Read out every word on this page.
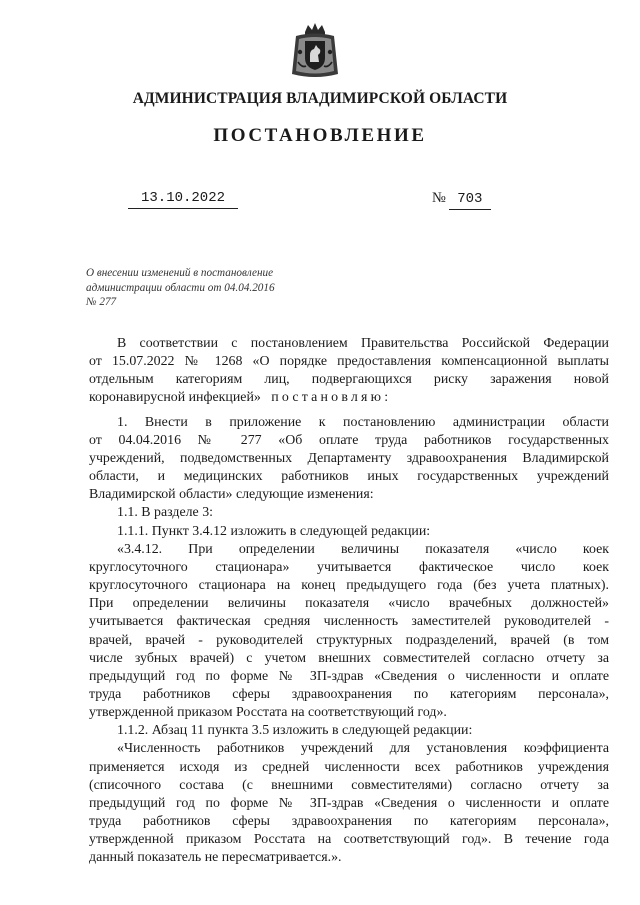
АДМИНИСТРАЦИЯ ВЛАДИМИРСКОЙ ОБЛАСТИ
ПОСТАНОВЛЕНИЕ
13.10.2022	№ 703
О внесении изменений в постановление
администрации области от 04.04.2016
№ 277

В соответствии с постановлением Правительства Российской Федерации

от 15.07.2022 № 1268 «О порядке предоставления компенсационной выплаты

отдельным категориям лиц, подвергающихся риску заражения новой

коронавирусной инфекцией» постановляю:

1. Внести в приложение к постановлению администрации области

от 04.04.2016 № 277 «Об оплате труда работников государственных

учреждений, подведомственных Департаменту здравоохранения Владимирской

области, и медицинских работников иных государственных учреждений

Владимирской области» следующие изменения:

1.1. В разделе 3:

1.1.1. Пункт 3.4.12 изложить в следующей редакции:

«3.4.12. При определении величины показателя «число коек

круглосуточного стационара» учитывается фактическое число коек

круглосуточного стационара на конец предыдущего года (без учета платных).

При определении величины показателя «число врачебных должностей»

учитывается фактическая средняя численность заместителей руководителей -

врачей, врачей - руководителей структурных подразделений, врачей (в том

числе зубных врачей) с учетом внешних совместителей согласно отчету за

предыдущий год по форме № ЗП-здрав «Сведения о численности и оплате

труда работников сферы здравоохранения по категориям персонала»,

утвержденной приказом Росстата на соответствующий год».

1.1.2. Абзац 11 пункта 3.5 изложить в следующей редакции:

«Численность работников учреждений для установления коэффициента

применяется исходя из средней численности всех работников учреждения

(списочного состава (с внешними совместителями) согласно отчету за

предыдущий год по форме № ЗП-здрав «Сведения о численности и оплате

труда работников сферы здравоохранения по категориям персонала»,

утвержденной приказом Росстата на соответствующий год». В течение года

данный показатель не пересматривается.».
